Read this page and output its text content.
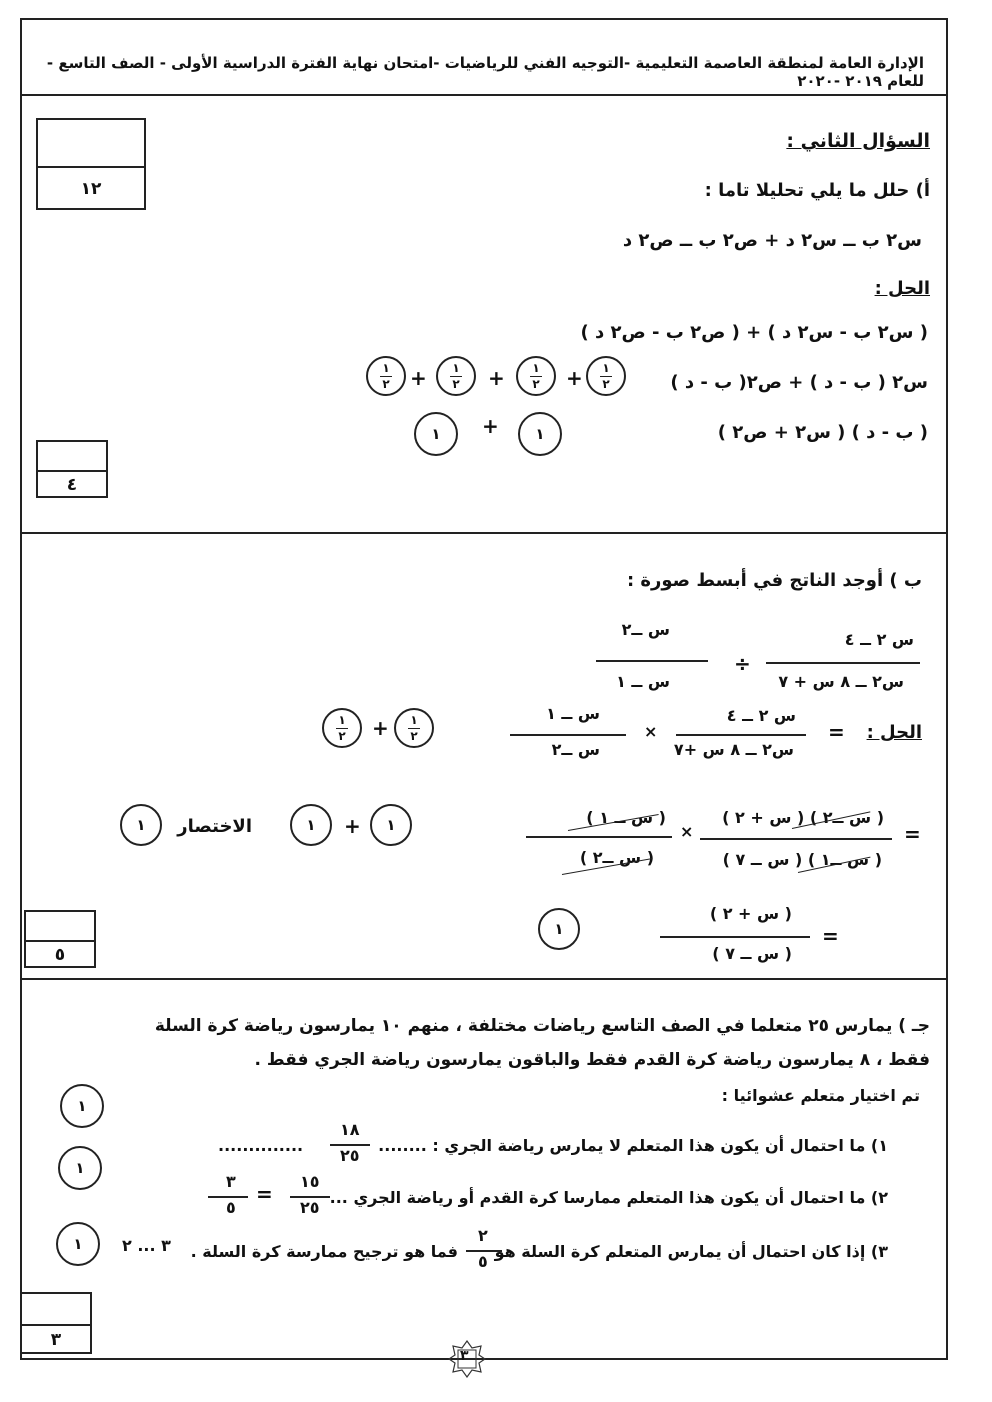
الإدارة العامة لمنطقة العاصمة التعليمية -التوجيه الفني للرياضيات -امتحان نهاية الفترة الدراسية الأولى - الصف التاسع - للعام ٢٠١٩ -٢٠٢٠
السؤال الثاني :
١٢	أ) حلل ما يلي تحليلا تاما :
س٢ ب ــ س٢ د + ص٢ ب ــ ص٢ د
الحل :
( س٢ ب - س٢ د ) + ( ص٢ ب - ص٢ د )
س٢ ( ب - د ) + ص٢( ب - د )
( ب - د ) ( س٢ + ص٢ )
١
٢ + ١
٢ + ١
٢ + ١
٢
١	+	١
٤
ب ) أوجد الناتج في أبسط صورة :
س ٢ ــ ٤
س٢ ــ ٨ س + ٧
÷
س ــ٢
س ــ ١
الحل :
=
س ٢ ــ ٤
س٢ ــ ٨ س +٧
×
س ــ ١
س ــ٢
١
٢ + ١
٢
=
( س ــ٢ ) ( س + ٢ )
( س ــ١ ) ( س ــ ٧ )
×
( س ــ ١ )
( س ــ٢ )
الاختصار
١	١	+	١
=
( س + ٢ )
( س ــ ٧ )
١
٥
جـ ) يمارس ٢٥ متعلما في الصف التاسع رياضات مختلفة ، منهم ١٠ يمارسون رياضة كرة السلة
فقط ، ٨ يمارسون رياضة كرة القدم فقط والباقون يمارسون رياضة الجري فقط .
تم اختيار متعلم عشوائيا :
١) ما احتمال أن يكون هذا المتعلم لا يمارس رياضة الجري : ........
١٨
٢٥
..............
٢) ما احتمال أن يكون هذا المتعلم ممارسا كرة القدم أو رياضة الجري ...
١٥
٢٥
=
٣
٥
٣) إذا كان احتمال أن يمارس المتعلم كرة السلة هو
٢
٥
فما هو ترجيح ممارسة كرة السلة .
٣ ... ٢
١
١
١
٣
٣
